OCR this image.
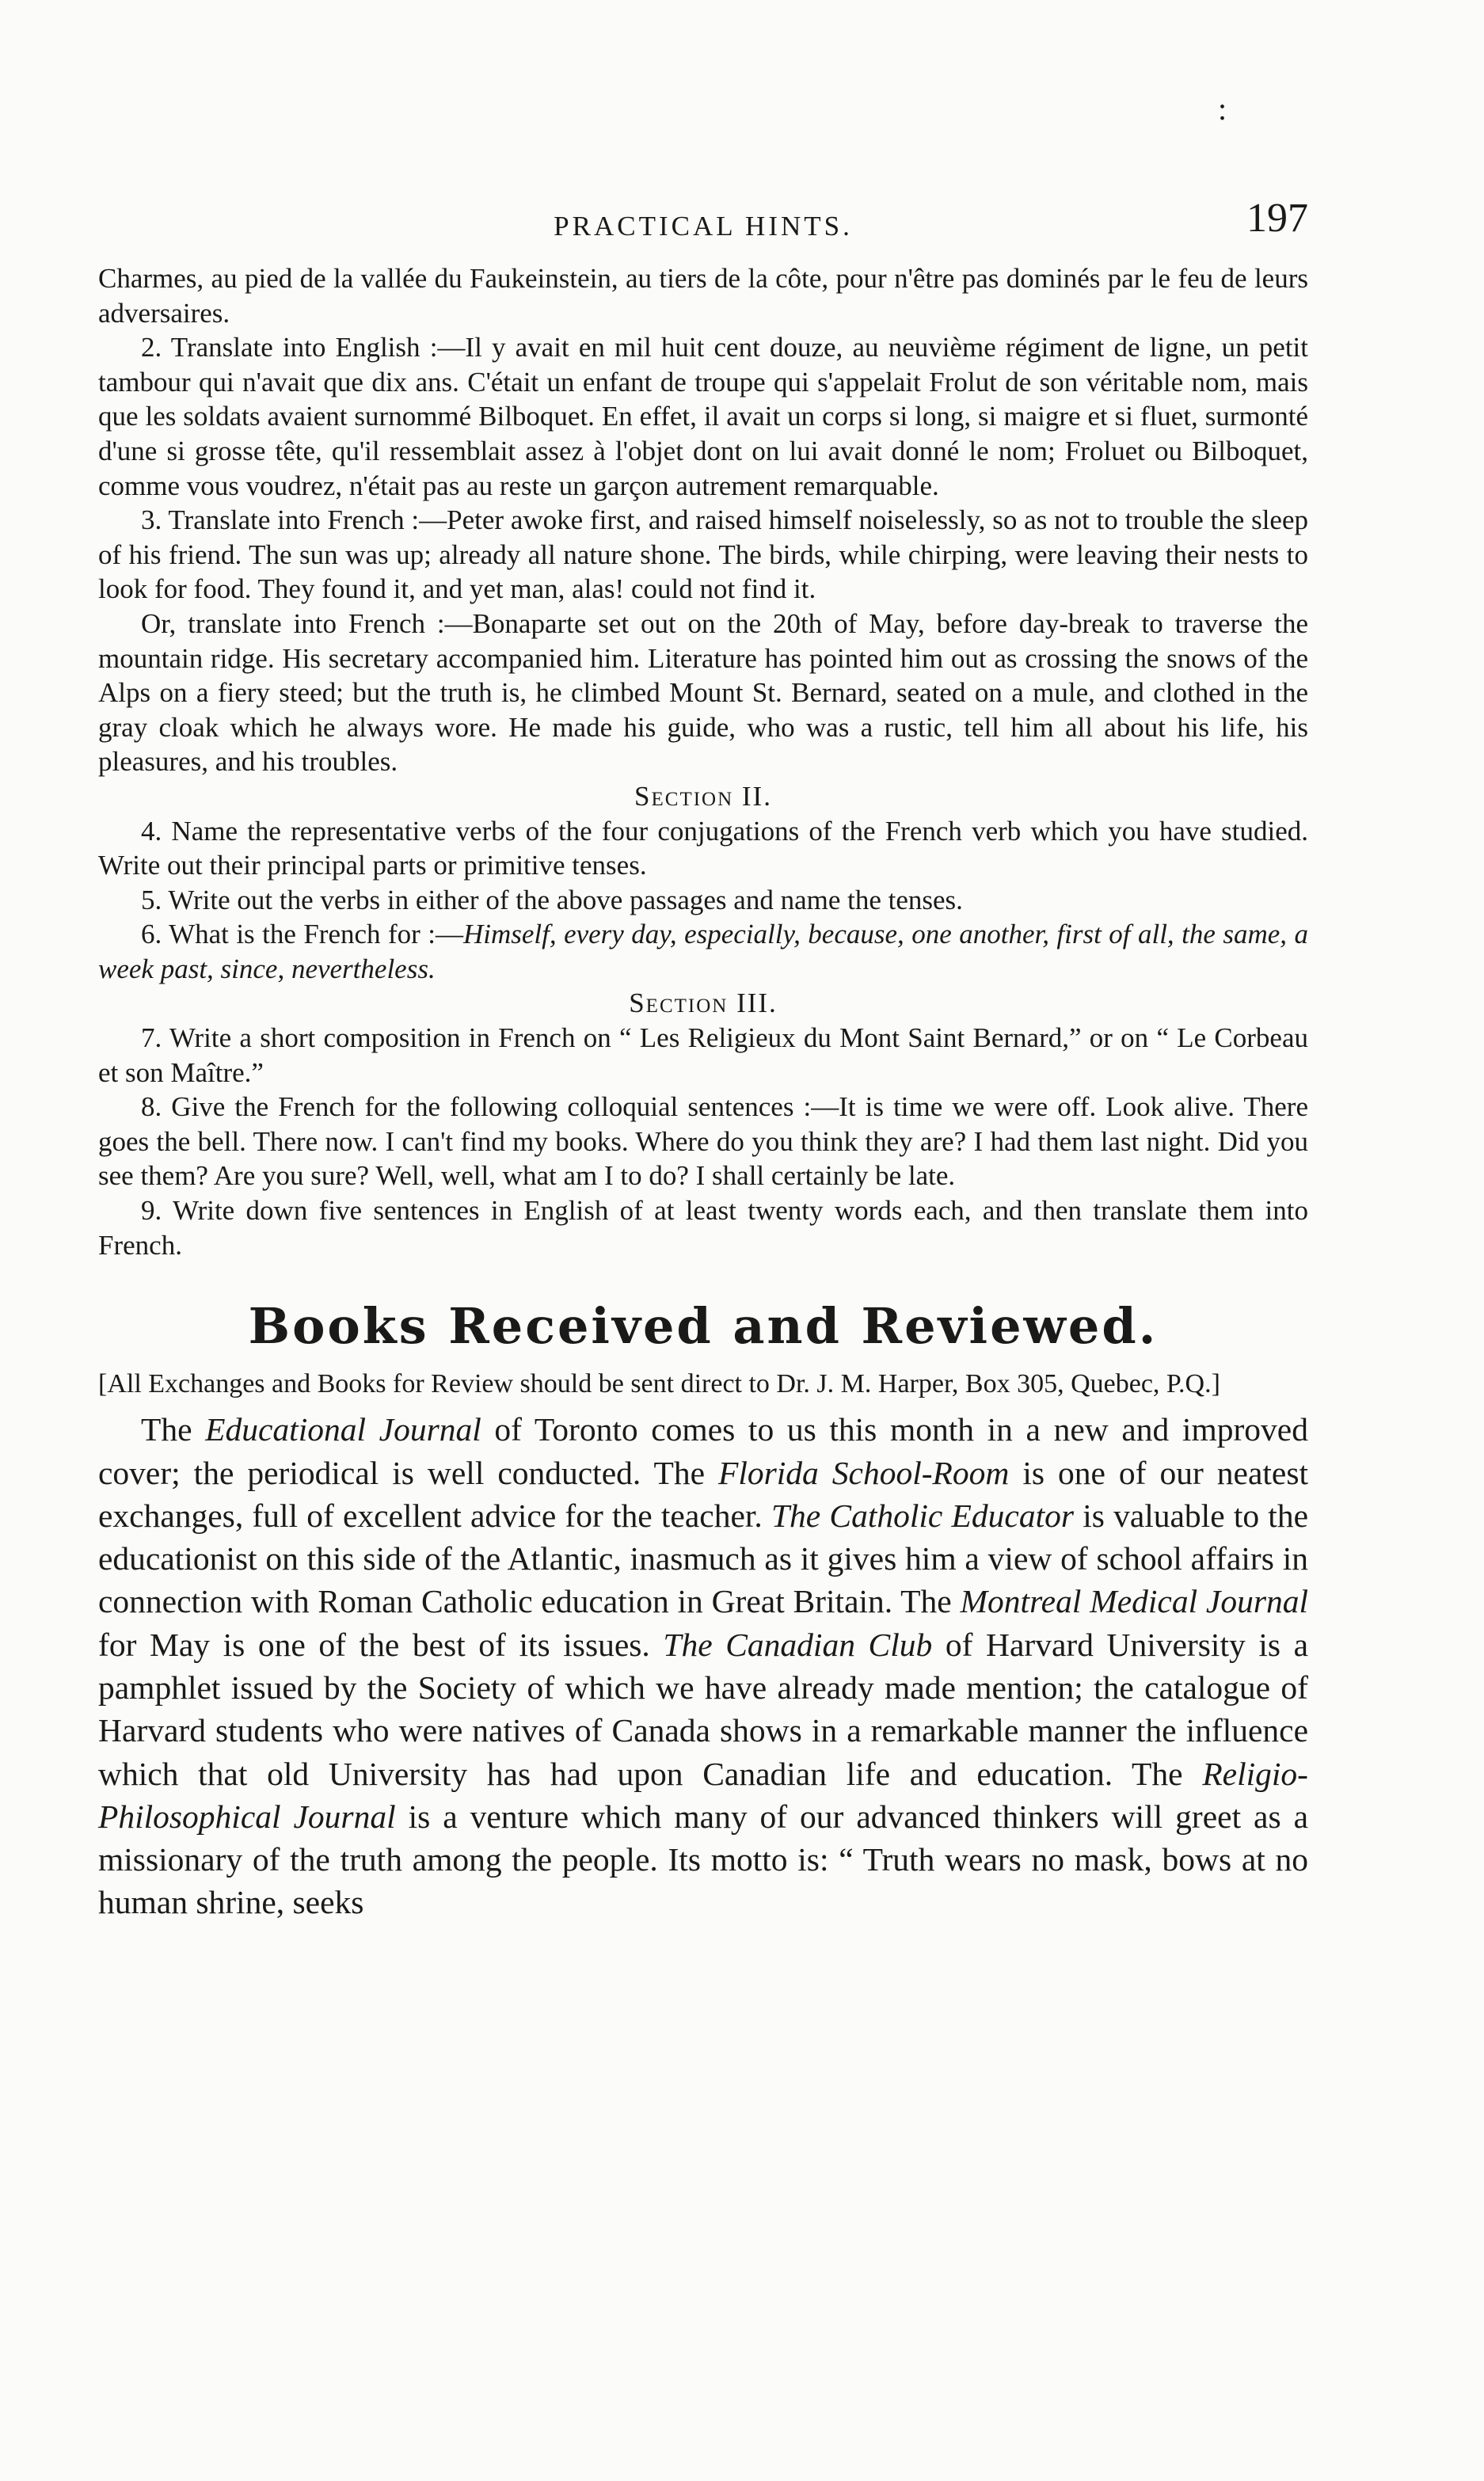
:
PRACTICAL HINTS.	197

Charmes, au pied de la vallée du Faukeinstein, au tiers de la côte, pour n'être pas dominés par le feu de leurs adversaires.

2. Translate into English :—Il y avait en mil huit cent douze, au neuvième régiment de ligne, un petit tambour qui n'avait que dix ans. C'était un enfant de troupe qui s'appelait Frolut de son véritable nom, mais que les soldats avaient surnommé Bilboquet. En effet, il avait un corps si long, si maigre et si fluet, surmonté d'une si grosse tête, qu'il ressemblait assez à l'objet dont on lui avait donné le nom; Froluet ou Bilboquet, comme vous voudrez, n'était pas au reste un garçon autrement remarquable.

3. Translate into French :—Peter awoke first, and raised himself noiselessly, so as not to trouble the sleep of his friend. The sun was up; already all nature shone. The birds, while chirping, were leaving their nests to look for food. They found it, and yet man, alas! could not find it.

Or, translate into French :—Bonaparte set out on the 20th of May, before day-break to traverse the mountain ridge. His secretary accompanied him. Literature has pointed him out as crossing the snows of the Alps on a fiery steed; but the truth is, he climbed Mount St. Bernard, seated on a mule, and clothed in the gray cloak which he always wore. He made his guide, who was a rustic, tell him all about his life, his pleasures, and his troubles.

Section II.

4. Name the representative verbs of the four conjugations of the French verb which you have studied. Write out their principal parts or primitive tenses.

5. Write out the verbs in either of the above passages and name the tenses.

6. What is the French for :—Himself, every day, especially, because, one another, first of all, the same, a week past, since, nevertheless.

Section III.

7. Write a short composition in French on “ Les Religieux du Mont Saint Bernard,” or on “ Le Corbeau et son Maître.”

8. Give the French for the following colloquial sentences :—It is time we were off. Look alive. There goes the bell. There now. I can't find my books. Where do you think they are? I had them last night. Did you see them? Are you sure? Well, well, what am I to do? I shall certainly be late.

9. Write down five sentences in English of at least twenty words each, and then translate them into French.

Books Received and Reviewed.
[All Exchanges and Books for Review should be sent direct to Dr. J. M. Harper, Box 305, Quebec, P.Q.]

The Educational Journal of Toronto comes to us this month in a new and improved cover; the periodical is well conducted. The Florida School-Room is one of our neatest exchanges, full of excellent advice for the teacher. The Catholic Educator is valuable to the educationist on this side of the Atlantic, inasmuch as it gives him a view of school affairs in connection with Roman Catholic education in Great Britain. The Montreal Medical Journal for May is one of the best of its issues. The Canadian Club of Harvard University is a pamphlet issued by the Society of which we have already made mention; the catalogue of Harvard students who were natives of Canada shows in a remarkable manner the influence which that old University has had upon Canadian life and education. The Religio-Philosophical Journal is a venture which many of our advanced thinkers will greet as a missionary of the truth among the people. Its motto is: “ Truth wears no mask, bows at no human shrine, seeks
